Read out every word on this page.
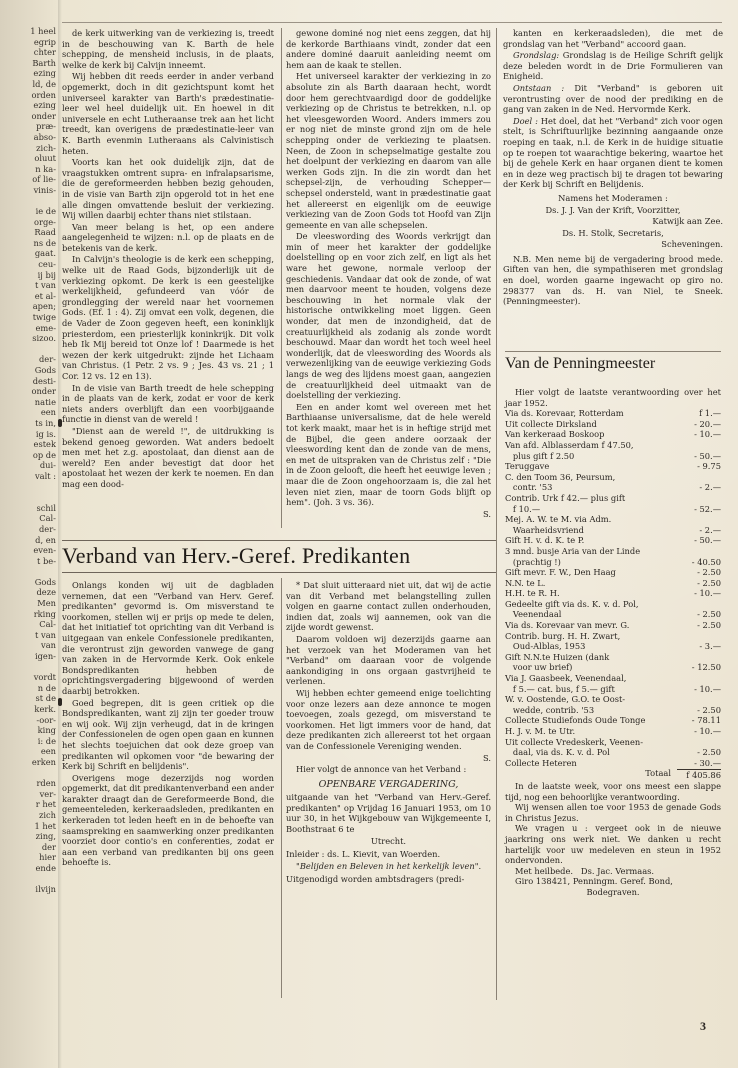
1 heel
egrip
chter
Barth
ezing
ld, de
orden
ezing
onder
præ-
abso-
zich-
oluut
n ka-
of lie-
vinis-

ie de
orge-
Raad
ns de
gaat.
ceu-
ij bij
t van
et al-
apen;
twige
eme-
sizoo.

der-
Gods
desti-
onder
natie
een
ts in,
ig is.
estek
op de
dui-
valt :

schil
Cal-
der-
d, en
even-
t be-

Gods
deze
Men
rking
Cal-
t van
van
igen-

vordt
n de
st de
kerk.
-oor-
king
i: de
een
erken

rden
ver-
r het
zich
1 het
zing,
der
hier
ende

ilvijn

de kerk uitwerking van de verkiezing is, treedt in de beschouwing van K. Barth de hele schepping, de mensheid inclusis, in de plaats, welke de kerk bij Calvijn inneemt.

Wij hebben dit reeds eerder in ander verband opgemerkt, doch in dit gezichtspunt komt het universeel karakter van Barth's prædestinatie-leer wel heel duidelijk uit. En hoewel in dit universele en echt Lutheraanse trek aan het licht treedt, kan overigens de prædestinatie-leer van K. Barth evenmin Lutheraans als Calvinistisch heten.

Voorts kan het ook duidelijk zijn, dat de vraagstukken omtrent supra- en infralapsarisme, die de gereformeerden hebben bezig gehouden, in de visie van Barth zijn opgerold tot in het ene alle dingen omvattende besluit der verkiezing. Wij willen daarbij echter thans niet stilstaan.

Van meer belang is het, op een andere aangelegenheid te wijzen: n.l. op de plaats en de betekenis van de kerk.

In Calvijn's theologie is de kerk een schepping, welke uit de Raad Gods, bijzonderlijk uit de verkiezing opkomt. De kerk is een geestelijke werkelijkheid, gefundeerd van vóór de grondlegging der wereld naar het voornemen Gods. (Ef. 1 : 4). Zij omvat een volk, degenen, die de Vader de Zoon gegeven heeft, een koninklijk priesterdom, een priesterlijk koninkrijk. Dit volk heb Ik Mij bereid tot Onze lof ! Daarmede is het wezen der kerk uitgedrukt: zijnde het Lichaam van Christus. (1 Petr. 2 vs. 9 ; Jes. 43 vs. 21 ; 1 Cor. 12 vs. 12 en 13).

In de visie van Barth treedt de hele schepping in de plaats van de kerk, zodat er voor de kerk niets anders overblijft dan een voorbijgaande functie in dienst van de wereld !

"Dienst aan de wereld !", de uitdrukking is bekend genoeg geworden. Wat anders bedoelt men met het z.g. apostolaat, dan dienst aan de wereld? Een ander bevestigt dat door het apostolaat het wezen der kerk te noemen. En dan mag een dood-

gewone dominé nog niet eens zeggen, dat hij de kerkorde Barthiaans vindt, zonder dat een andere dominé daaruit aanleiding neemt om hem aan de kaak te stellen.

Het universeel karakter der verkiezing in zo absolute zin als Barth daaraan hecht, wordt door hem gerechtvaardigd door de goddelijke verkiezing op de Christus te betrekken, n.l. op het vleesgeworden Woord. Anders immers zou er nog niet de minste grond zijn om de hele schepping onder de verkiezing te plaatsen. Neen, de Zoon in schepselmatige gestalte zou het doelpunt der verkiezing en daarom van alle werken Gods zijn. In die zin wordt dan het schepsel-zijn, de verhouding Schepper—schepsel ondersteld, want in prædestinatie gaat het allereerst en eigenlijk om de eeuwige verkiezing van de Zoon Gods tot Hoofd van Zijn gemeente en van alle schepselen.

De vleeswording des Woords verkrijgt dan min of meer het karakter der goddelijke doelstelling op en voor zich zelf, en ligt als het ware het gewone, normale verloop der geschiedenis. Vandaar dat ook de zonde, of wat men daarvoor meent te houden, volgens deze beschouwing in het normale vlak der historische ontwikkeling moet liggen. Geen wonder, dat men de inzondigheid, dat de creatuurlijkheid als zodanig als zonde wordt beschouwd. Maar dan wordt het toch weel heel wonderlijk, dat de vleeswording des Woords als verwezenlijking van de eeuwige verkiezing Gods langs de weg des lijdens moest gaan, aangezien de creatuurlijkheid deel uitmaakt van de doelstelling der verkiezing.

Een en ander komt wel overeen met het Barthiaanse universalisme, dat de hele wereld tot kerk maakt, maar het is in heftige strijd met de Bijbel, die geen andere oorzaak der vleeswording kent dan de zonde van de mens, en met de uitspraken van de Christus zelf : "Die in de Zoon gelooft, die heeft het eeuwige leven ; maar die de Zoon ongehoorzaam is, die zal het leven niet zien, maar de toorn Gods blijft op hem". (Joh. 3 vs. 36).

S.

kanten en kerkeraadsleden), die met de grondslag van het "Verband" accoord gaan.

Grondslag: Grondslag is de Heilige Schrift gelijk deze beleden wordt in de Drie Formulieren van Enigheid.

Ontstaan : Dit "Verband" is geboren uit verontrusting over de nood der prediking en de gang van zaken in de Ned. Hervormde Kerk.

Doel : Het doel, dat het "Verband" zich voor ogen stelt, is Schriftuurlijke bezinning aangaande onze roeping en taak, n.l. de Kerk in de huidige situatie op te roepen tot waarachtige bekering, waartoe het bij de gehele Kerk en haar organen dient te komen en in deze weg practisch bij te dragen tot bewaring der Kerk bij Schrift en Belijdenis.

Namens het Moderamen :

Ds. J. J. Van der Krift, Voorzitter,

Katwijk aan Zee.

Ds. H. Stolk, Secretaris,

Scheveningen.

N.B. Men neme bij de vergadering brood mede. Giften van hen, die sympathiseren met grondslag en doel, worden gaarne ingewacht op giro no. 298377 van ds. H. van Niel, te Sneek. (Penningmeester).

Van de Penningmeester
Hier volgt de laatste verantwoording over het jaar 1952.
Via ds. Korevaar, Rotterdam	f 1.—
Uit collecte Dirksland	- 20.—
Van kerkeraad Boskoop	- 10.—
Van afd. Alblasserdam f 47.50,
plus gift f 2.50	- 50.—
Teruggave	- 9.75
C. den Toom 36, Peursum,
contr. '53	- 2.—
Contrib. Urk f 42.— plus gift
f 10.—	- 52.—
Mej. A. W. te M. via Adm.
Waarheidsvriend	- 2.—
Gift H. v. d. K. te P.	- 50.—
3 mnd. busje Aria van der Linde
(prachtig !)	- 40.50
Gift mevr. F. W., Den Haag	- 2.50
N.N. te L.	- 2.50
H.H. te R. H.	- 10.—
Gedeelte gift via ds. K. v. d. Pol,
Veenendaal	- 2.50
Via ds. Korevaar van mevr. G.	- 2.50
Contrib. burg. H. H. Zwart,
Oud-Alblas, 1953	- 3.—
Gift N.N.te Huizen (dank
voor uw brief)	- 12.50
Via J. Gaasbeek, Veenendaal,
f 5.— cat. bus, f 5.— gift	- 10.—
W. v. Oostende, G.O. te Oost-
wedde, contrib. '53	- 2.50
Collecte Studiefonds Oude Tonge	- 78.11
H. J. v. M. te Utr.	- 10.—
Uit collecte Vredeskerk, Veenen-
daal, via ds. K. v. d. Pol	- 2.50
Collecte Heteren	- 30.—
Totaal	f 405.86
In de laatste week, voor ons meest een slappe tijd, nog een behoorlijke verantwoording.
Wij wensen allen toe voor 1953 de genade Gods in Christus Jezus.
We vragen u : vergeet ook in de nieuwe jaarkring ons werk niet. We danken u recht hartelijk voor uw medeleven en steun in 1952 ondervonden.
Met heilbede.   Ds. Jac. Vermaas.
Giro 138421, Penningm. Geref. Bond,
Bodegraven.
Verband van Herv.-Geref. Predikanten

Onlangs konden wij uit de dagbladen vernemen, dat een "Verband van Herv. Geref. predikanten" gevormd is. Om misverstand te voorkomen, stellen wij er prijs op mede te delen, dat het initiatief tot oprichting van dit Verband is uitgegaan van enkele Confessionele predikanten, die verontrust zijn geworden vanwege de gang van zaken in de Hervormde Kerk. Ook enkele Bondspredikanten hebben de oprichtingsvergadering bijgewoond of werden daarbij betrokken.

Goed begrepen, dit is geen critiek op die Bondspredikanten, want zij zijn ter goeder trouw en wij ook. Wij zijn verheugd, dat in de kringen der Confessionelen de ogen open gaan en kunnen het slechts toejuichen dat ook deze groep van predikanten wil opkomen voor "de bewaring der Kerk bij Schrift en belijdenis".

Overigens moge dezerzijds nog worden opgemerkt, dat dit predikantenverband een ander karakter draagt dan de Gereformeerde Bond, die gemeenteleden, kerkeraadsleden, predikanten en kerkeraden tot leden heeft en in de behoefte van saamspreking en saamwerking onzer predikanten voorziet door contio's en conferenties, zodat er aan een verband van predikanten bij ons geen behoefte is.

* Dat sluit uitteraard niet uit, dat wij de actie van dit Verband met belangstelling zullen volgen en gaarne contact zullen onderhouden, indien dat, zoals wij aannemen, ook van die zijde wordt gewenst.

Daarom voldoen wij dezerzijds gaarne aan het verzoek van het Moderamen van het "Verband" om daaraan voor de volgende aankondiging in ons orgaan gastvrijheid te verlenen.

Wij hebben echter gemeend enige toelichting voor onze lezers aan deze annonce te mogen toevoegen, zoals gezegd, om misverstand te voorkomen. Het ligt immers voor de hand, dat deze predikanten zich allereerst tot het orgaan van de Confessionele Vereniging wenden.

S.

Hier volgt de annonce van het Verband :

OPENBARE VERGADERING,

uitgaande van het "Verband van Herv.-Geref. predikanten" op Vrijdag 16 Januari 1953, om 10 uur 30, in het Wijkgebouw van Wijkgemeente I, Boothstraat 6 te

Utrecht.

Inleider : ds. L. Kievit, van Woerden.

"Belijden en Beleven in het kerkelijk leven".

Uitgenodigd worden ambtsdragers (predi-

3
